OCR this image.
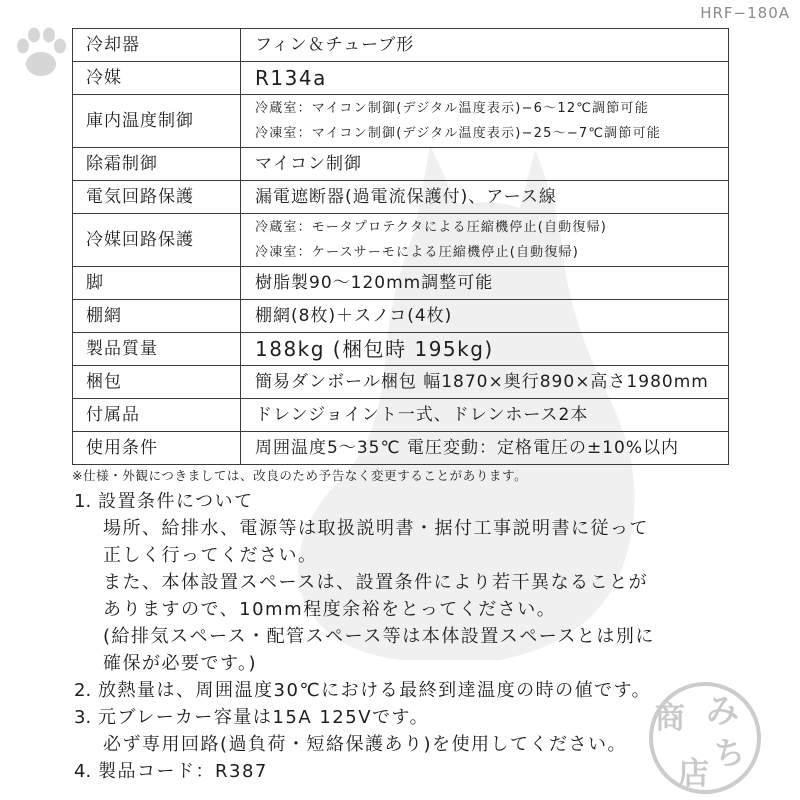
商 み
ち
店
HRF−180A
冷却器	フィン＆チューブ形
冷媒	R134a
庫内温度制御	冷蔵室：マイコン制御(デジタル温度表示)−6～12℃調節可能
冷凍室：マイコン制御(デジタル温度表示)−25～−7℃調節可能

除霜制御	マイコン制御
電気回路保護	漏電遮断器(過電流保護付)、アース線
冷媒回路保護	冷蔵室：モータプロテクタによる圧縮機停止(自動復帰)
冷凍室：ケースサーモによる圧縮機停止(自動復帰)

脚	樹脂製90～120mm調整可能
棚網	棚網(8枚)＋スノコ(4枚)
製品質量	188kg (梱包時 195kg)
梱包	簡易ダンボール梱包 幅1870×奥行890×高さ1980mm
付属品	ドレンジョイント一式、ドレンホース2本
使用条件	周囲温度5～35℃ 電圧変動：定格電圧の±10%以内
※仕様・外観につきましては、改良のため予告なく変更することがあります。
1. 設置条件について
場所、給排水、電源等は取扱説明書・据付工事説明書に従って
正しく行ってください。
また、本体設置スペースは、設置条件により若干異なることが
ありますので、10mm程度余裕をとってください。
(給排気スペース・配管スペース等は本体設置スペースとは別に
確保が必要です。)
2. 放熱量は、周囲温度30℃における最終到達温度の時の値です。
3. 元ブレーカー容量は15A 125Vです。
必ず専用回路(過負荷・短絡保護あり)を使用してください。
4. 製品コード：R387
